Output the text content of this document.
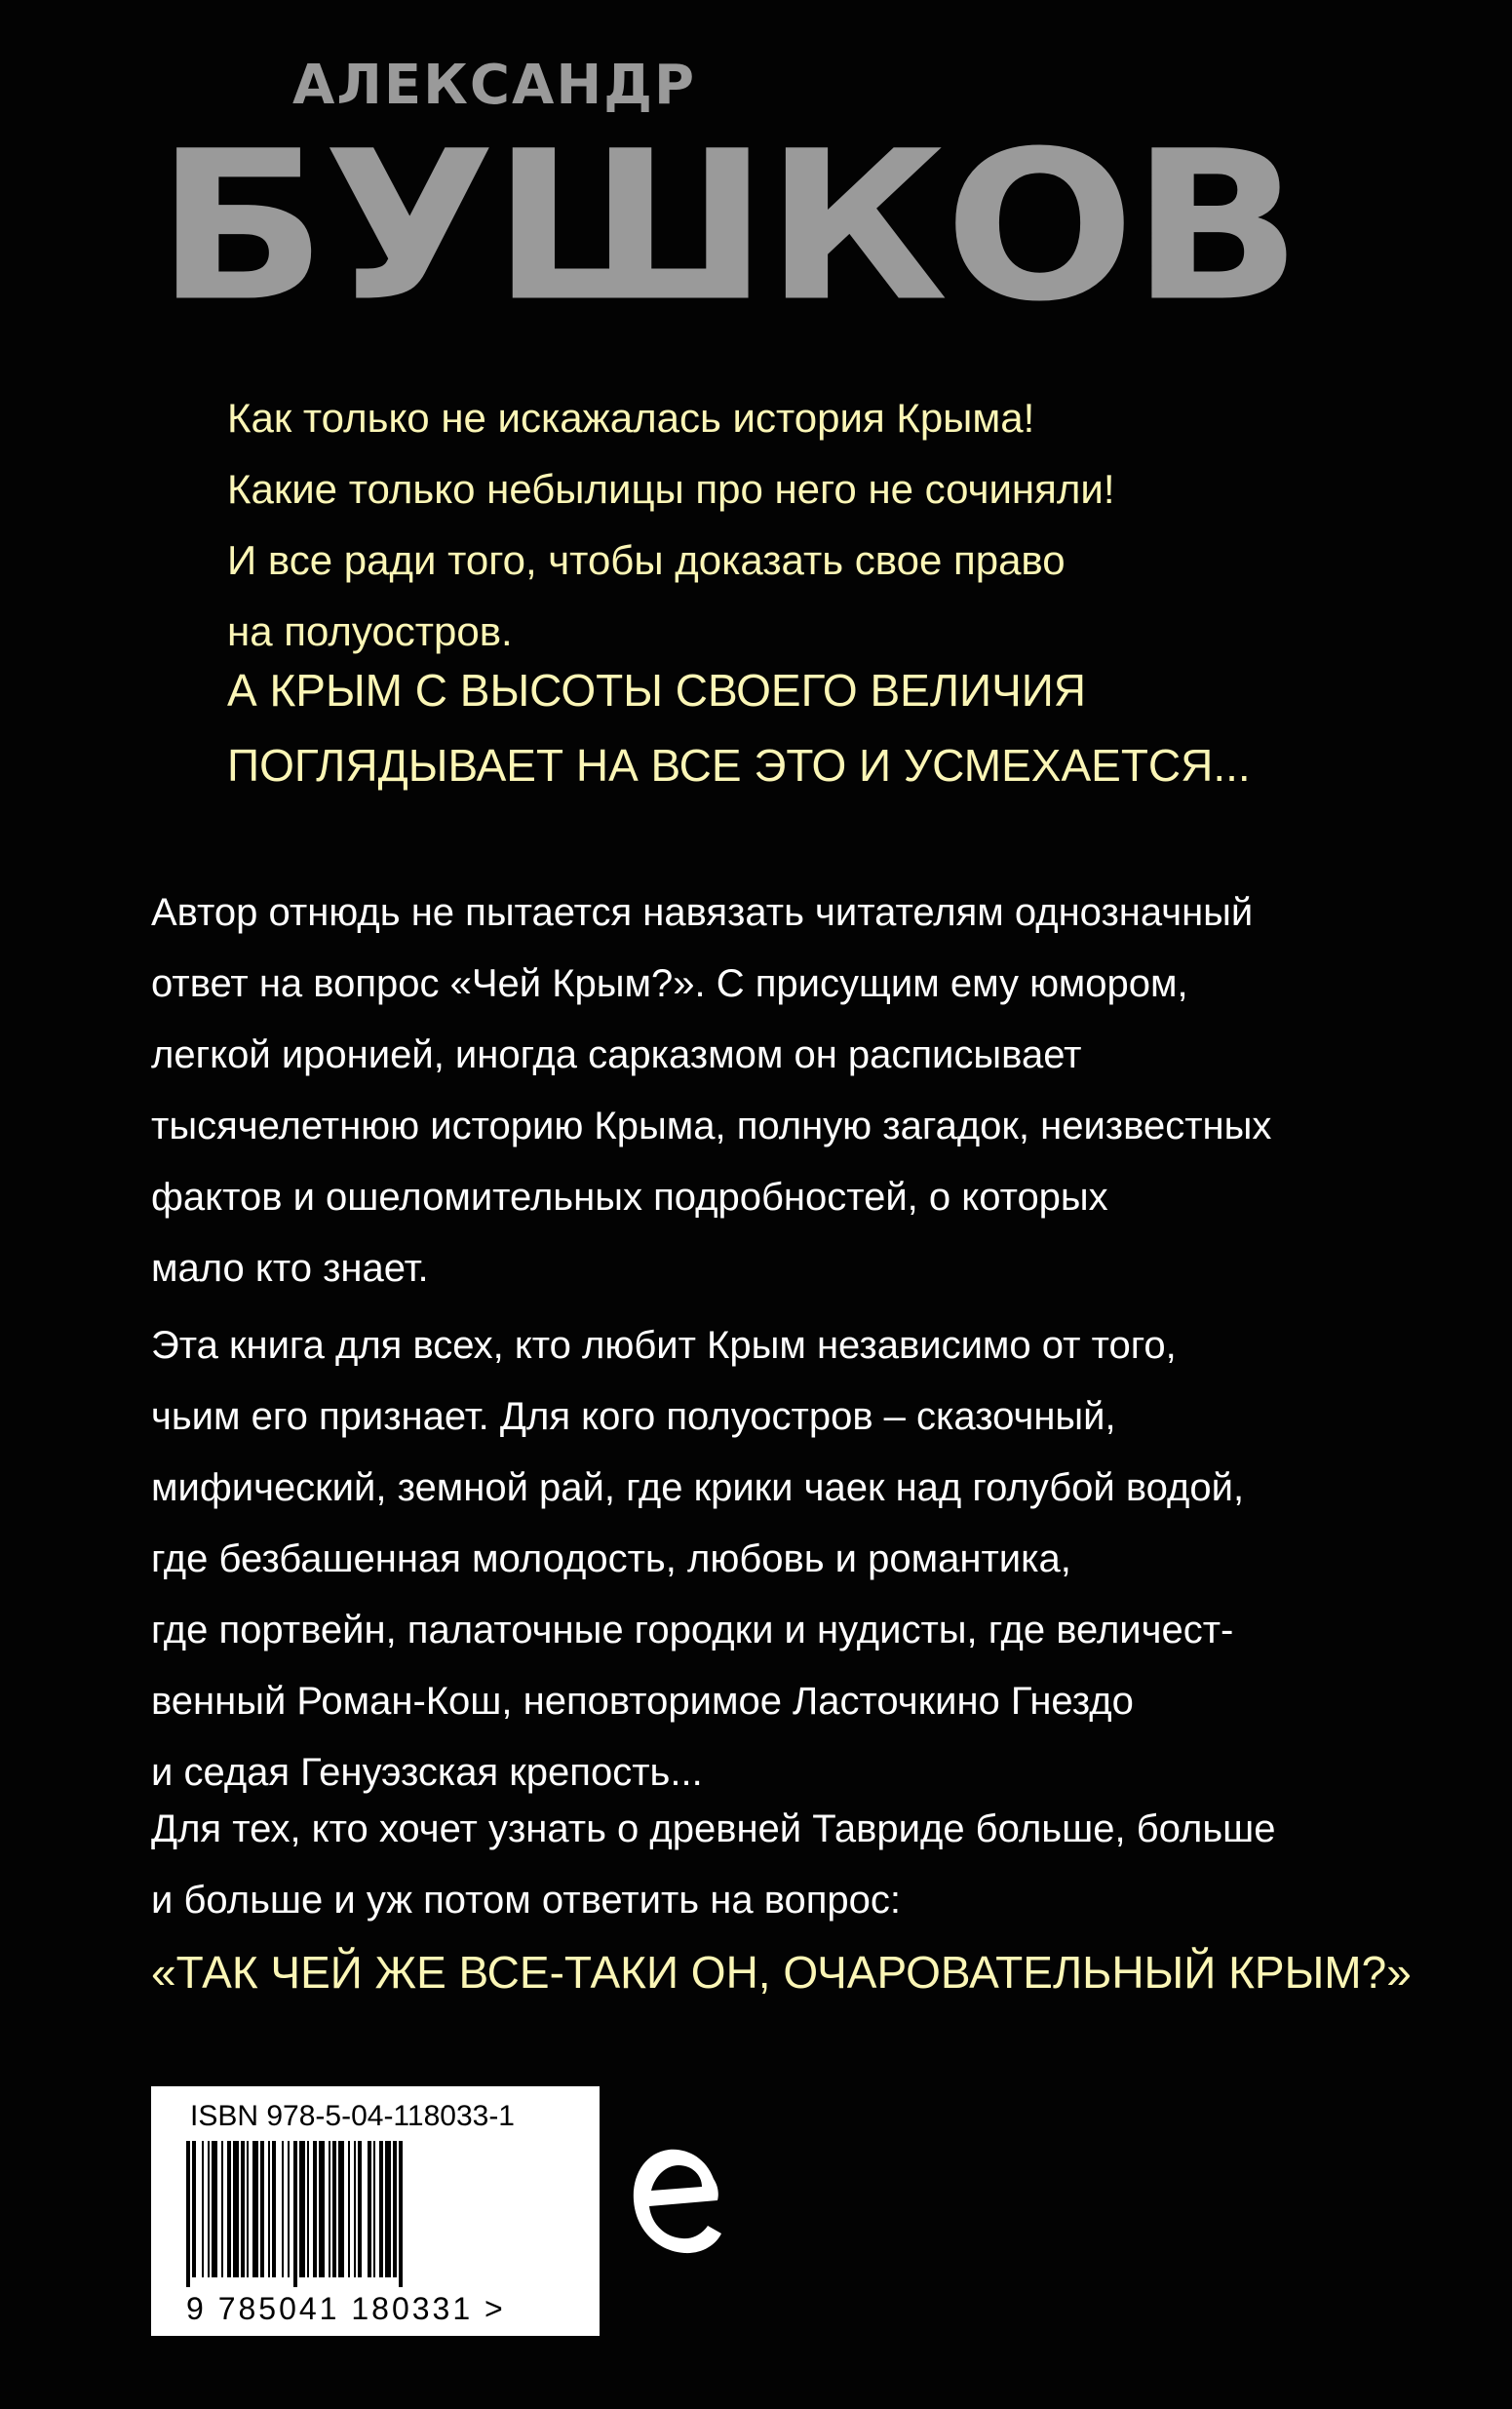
АЛЕКСАНДР
БУШКОВ

Как только не искажалась история Крыма!

Какие только небылицы про него не сочиняли!

И все ради того, чтобы доказать свое право

на полуостров.

А КРЫМ С ВЫСОТЫ СВОЕГО ВЕЛИЧИЯ

ПОГЛЯДЫВАЕТ НА ВСЕ ЭТО И УСМЕХАЕТСЯ...

Автор отнюдь не пытается навязать читателям однозначный

ответ на вопрос «Чей Крым?». С присущим ему юмором,

легкой иронией, иногда сарказмом он расписывает

тысячелетнюю историю Крыма, полную загадок, неизвестных

фактов и ошеломительных подробностей, о которых

мало кто знает.

Эта книга для всех, кто любит Крым независимо от того,

чьим его признает. Для кого полуостров – сказочный,

мифический, земной рай, где крики чаек над голубой водой,

где безбашенная молодость, любовь и романтика,

где портвейн, палаточные городки и нудисты, где величест-

венный Роман-Кош, неповторимое Ласточкино Гнездо

и седая Генуэзская крепость...

Для тех, кто хочет узнать о древней Тавриде больше, больше

и больше и уж потом ответить на вопрос:

«ТАК ЧЕЙ ЖЕ ВСЕ-ТАКИ ОН, ОЧАРОВАТЕЛЬНЫЙ КРЫМ?»
ISBN 978-5-04-118033-1
9 785041 180331 >
